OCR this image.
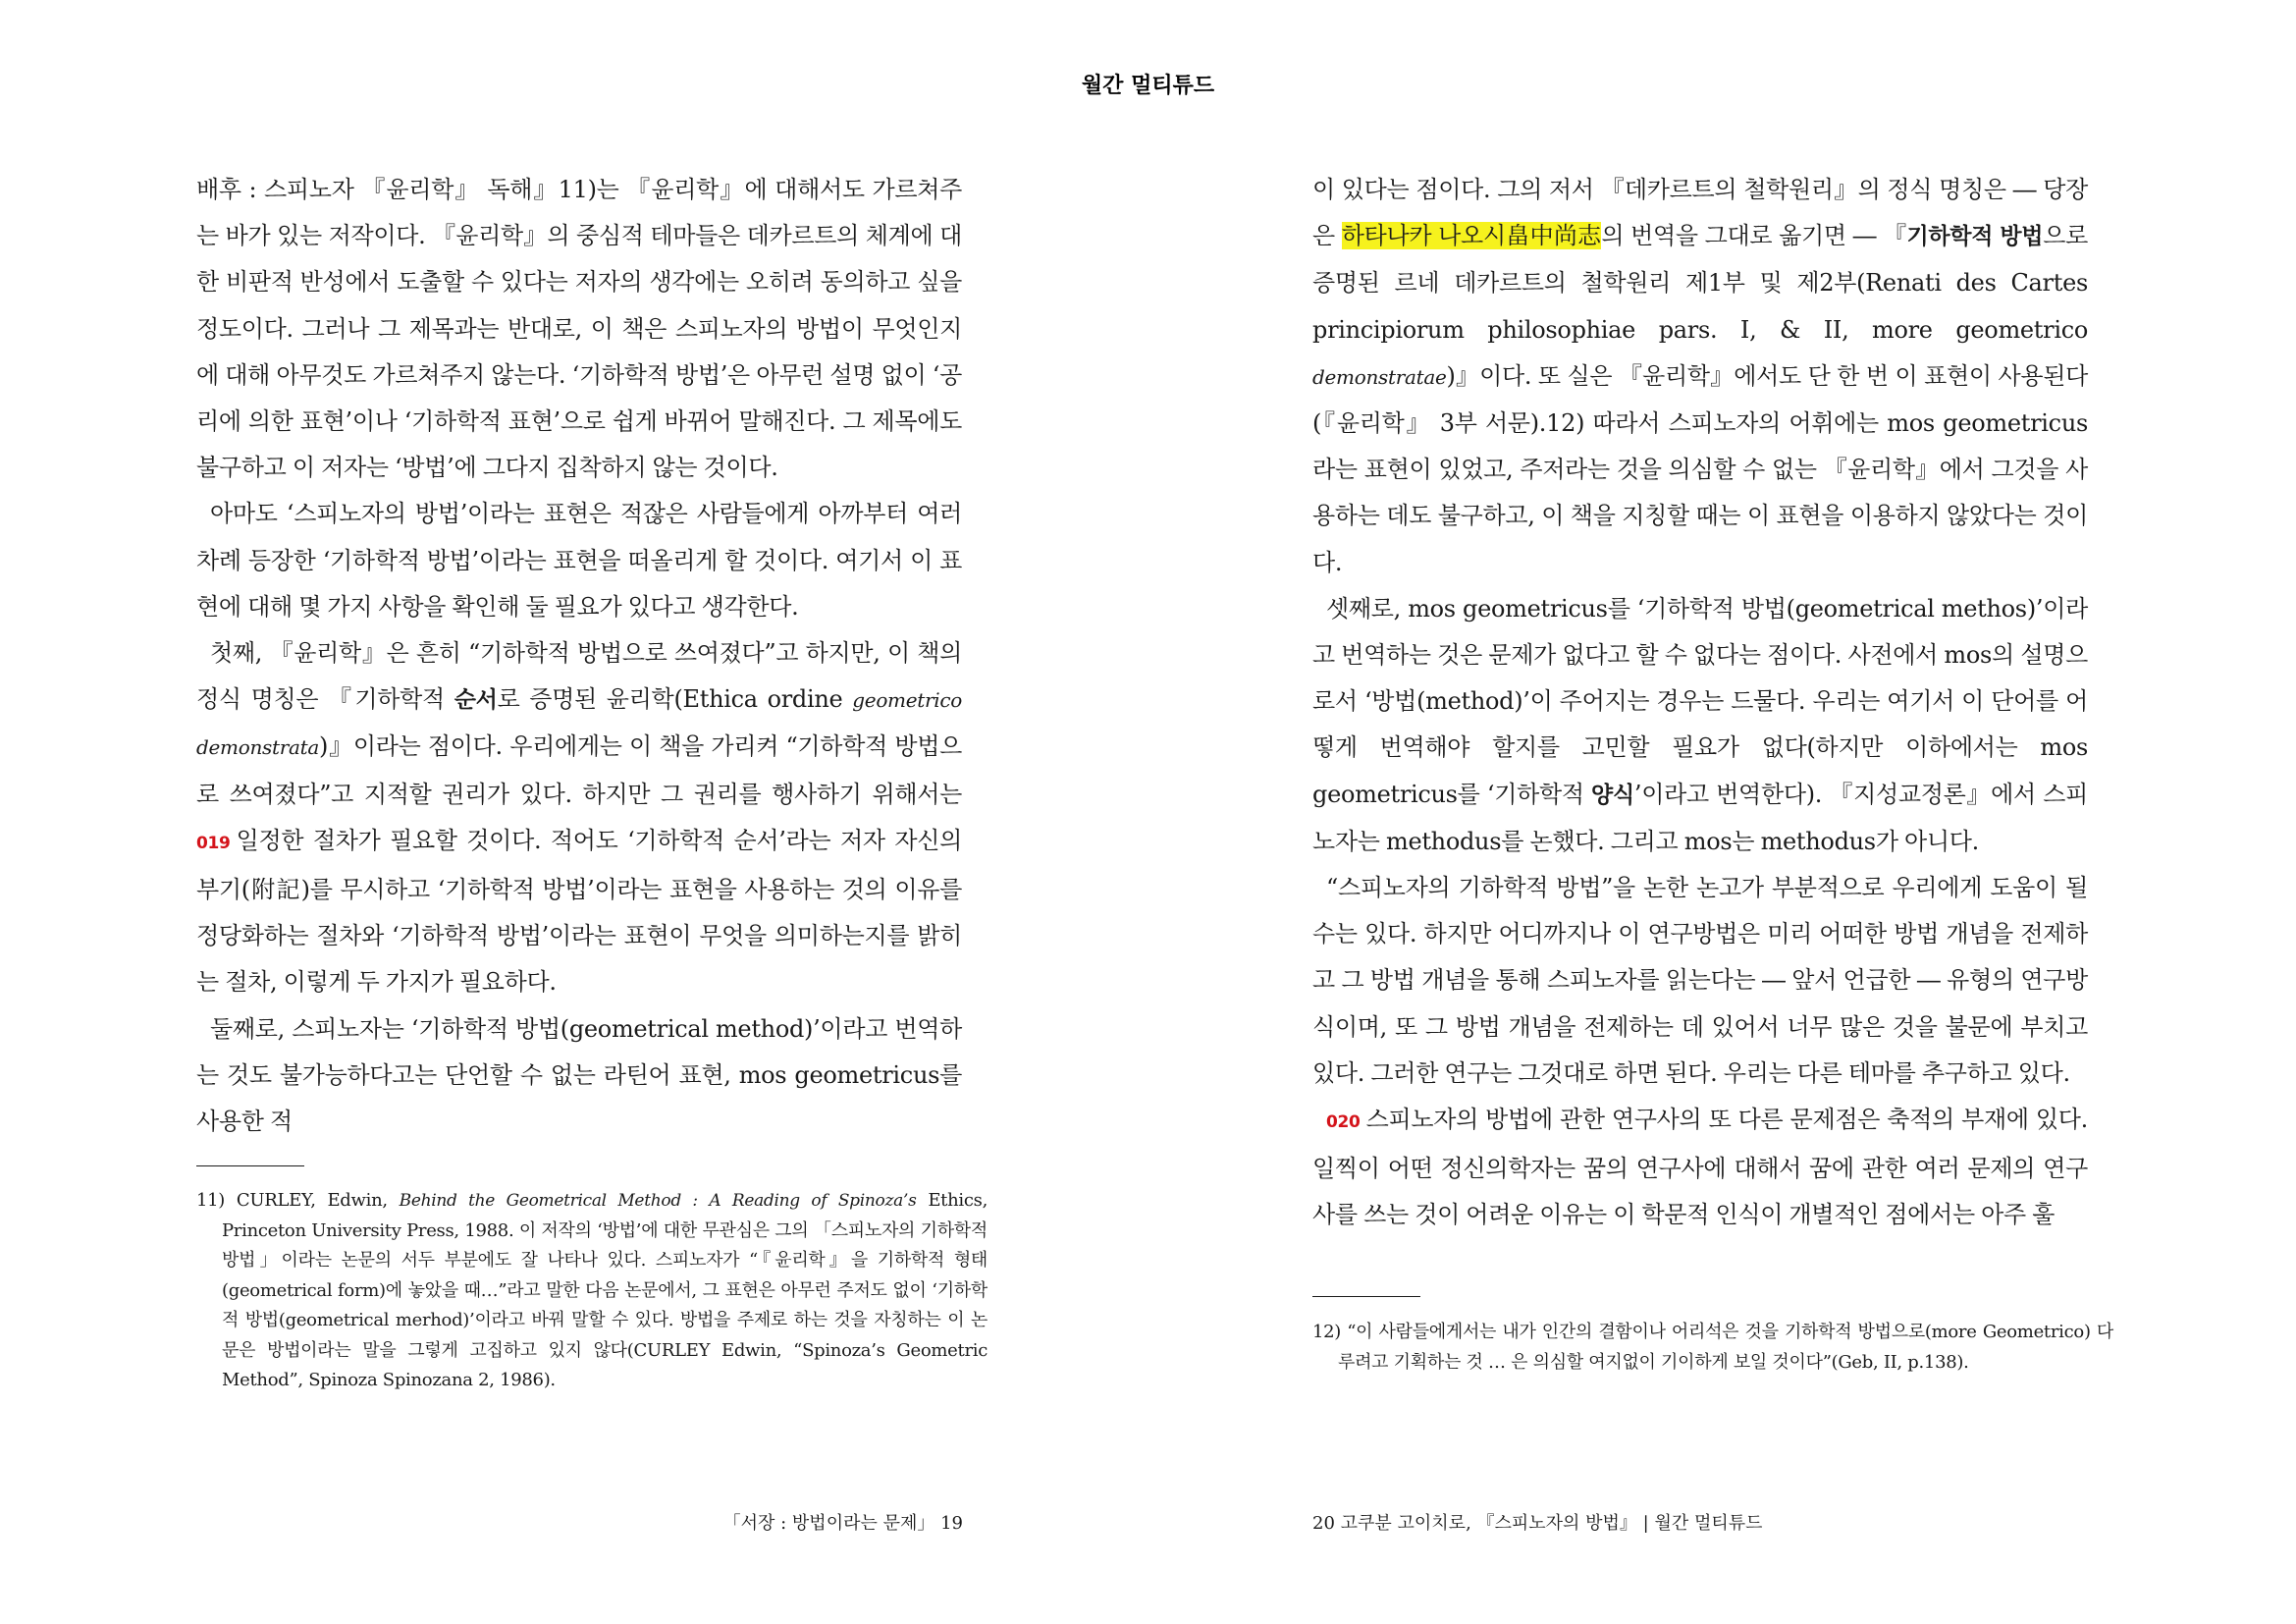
월간 멀티튜드

배후 : 스피노자 『윤리학』 독해』11)는 『윤리학』에 대해서도 가르쳐주는 바가 있는 저작이다. 『윤리학』의 중심적 테마들은 데카르트의 체계에 대한 비판적 반성에서 도출할 수 있다는 저자의 생각에는 오히려 동의하고 싶을 정도이다. 그러나 그 제목과는 반대로, 이 책은 스피노자의 방법이 무엇인지에 대해 아무것도 가르쳐주지 않는다. ‘기하학적 방법’은 아무런 설명 없이 ‘공리에 의한 표현’이나 ‘기하학적 표현’으로 쉽게 바뀌어 말해진다. 그 제목에도 불구하고 이 저자는 ‘방법’에 그다지 집착하지 않는 것이다.

아마도 ‘스피노자의 방법’이라는 표현은 적잖은 사람들에게 아까부터 여러 차례 등장한 ‘기하학적 방법’이라는 표현을 떠올리게 할 것이다. 여기서 이 표현에 대해 몇 가지 사항을 확인해 둘 필요가 있다고 생각한다.

첫째, 『윤리학』은 흔히 “기하학적 방법으로 쓰여졌다”고 하지만, 이 책의 정식 명칭은 『기하학적 순서로 증명된 윤리학(Ethica ordine geometrico demonstrata)』이라는 점이다. 우리에게는 이 책을 가리켜 “기하학적 방법으로 쓰여졌다”고 지적할 권리가 있다. 하지만 그 권리를 행사하기 위해서는 019 일정한 절차가 필요할 것이다. 적어도 ‘기하학적 순서’라는 저자 자신의 부기(附記)를 무시하고 ‘기하학적 방법’이라는 표현을 사용하는 것의 이유를 정당화하는 절차와 ‘기하학적 방법’이라는 표현이 무엇을 의미하는지를 밝히는 절차, 이렇게 두 가지가 필요하다.

둘째로, 스피노자는 ‘기하학적 방법(geometrical method)’이라고 번역하는 것도 불가능하다고는 단언할 수 없는 라틴어 표현, mos geometricus를 사용한 적

11) CURLEY, Edwin, Behind the Geometrical Method : A Reading of Spinoza’s Ethics, Princeton University Press, 1988. 이 저작의 ‘방법’에 대한 무관심은 그의 「스피노자의 기하학적 방법」이라는 논문의 서두 부분에도 잘 나타나 있다. 스피노자가 “『윤리학』을 기하학적 형태(geometrical form)에 놓았을 때…”라고 말한 다음 논문에서, 그 표현은 아무런 주저도 없이 ‘기하학적 방법(geometrical merhod)’이라고 바꿔 말할 수 있다. 방법을 주제로 하는 것을 자칭하는 이 논문은 방법이라는 말을 그렇게 고집하고 있지 않다(CURLEY Edwin, “Spinoza’s Geometric Method”, Spinoza Spinozana 2, 1986).
「서장 : 방법이라는 문제」 19

이 있다는 점이다. 그의 저서 『데카르트의 철학원리』의 정식 명칭은 ― 당장은 하타나카 나오시畠中尚志의 번역을 그대로 옮기면 ― 『기하학적 방법으로 증명된 르네 데카르트의 철학원리 제1부 및 제2부(Renati des Cartes principiorum philosophiae pars. I, & II, more geometrico demonstratae)』이다. 또 실은 『윤리학』에서도 단 한 번 이 표현이 사용된다(『윤리학』 3부 서문).12) 따라서 스피노자의 어휘에는 mos geometricus라는 표현이 있었고, 주저라는 것을 의심할 수 없는 『윤리학』에서 그것을 사용하는 데도 불구하고, 이 책을 지칭할 때는 이 표현을 이용하지 않았다는 것이다.

셋째로, mos geometricus를 ‘기하학적 방법(geometrical methos)’이라고 번역하는 것은 문제가 없다고 할 수 없다는 점이다. 사전에서 mos의 설명으로서 ‘방법(method)’이 주어지는 경우는 드물다. 우리는 여기서 이 단어를 어떻게 번역해야 할지를 고민할 필요가 없다(하지만 이하에서는 mos geometricus를 ‘기하학적 양식’이라고 번역한다). 『지성교정론』에서 스피노자는 methodus를 논했다. 그리고 mos는 methodus가 아니다.

“스피노자의 기하학적 방법”을 논한 논고가 부분적으로 우리에게 도움이 될 수는 있다. 하지만 어디까지나 이 연구방법은 미리 어떠한 방법 개념을 전제하고 그 방법 개념을 통해 스피노자를 읽는다는 ― 앞서 언급한 ― 유형의 연구방식이며, 또 그 방법 개념을 전제하는 데 있어서 너무 많은 것을 불문에 부치고 있다. 그러한 연구는 그것대로 하면 된다. 우리는 다른 테마를 추구하고 있다.

020 스피노자의 방법에 관한 연구사의 또 다른 문제점은 축적의 부재에 있다. 일찍이 어떤 정신의학자는 꿈의 연구사에 대해서 꿈에 관한 여러 문제의 연구사를 쓰는 것이 어려운 이유는 이 학문적 인식이 개별적인 점에서는 아주 훌

12) “이 사람들에게서는 내가 인간의 결함이나 어리석은 것을 기하학적 방법으로(more Geometrico) 다루려고 기획하는 것 … 은 의심할 여지없이 기이하게 보일 것이다”(Geb, II, p.138).
20 고쿠분 고이치로, 『스피노자의 방법』 | 월간 멀티튜드
